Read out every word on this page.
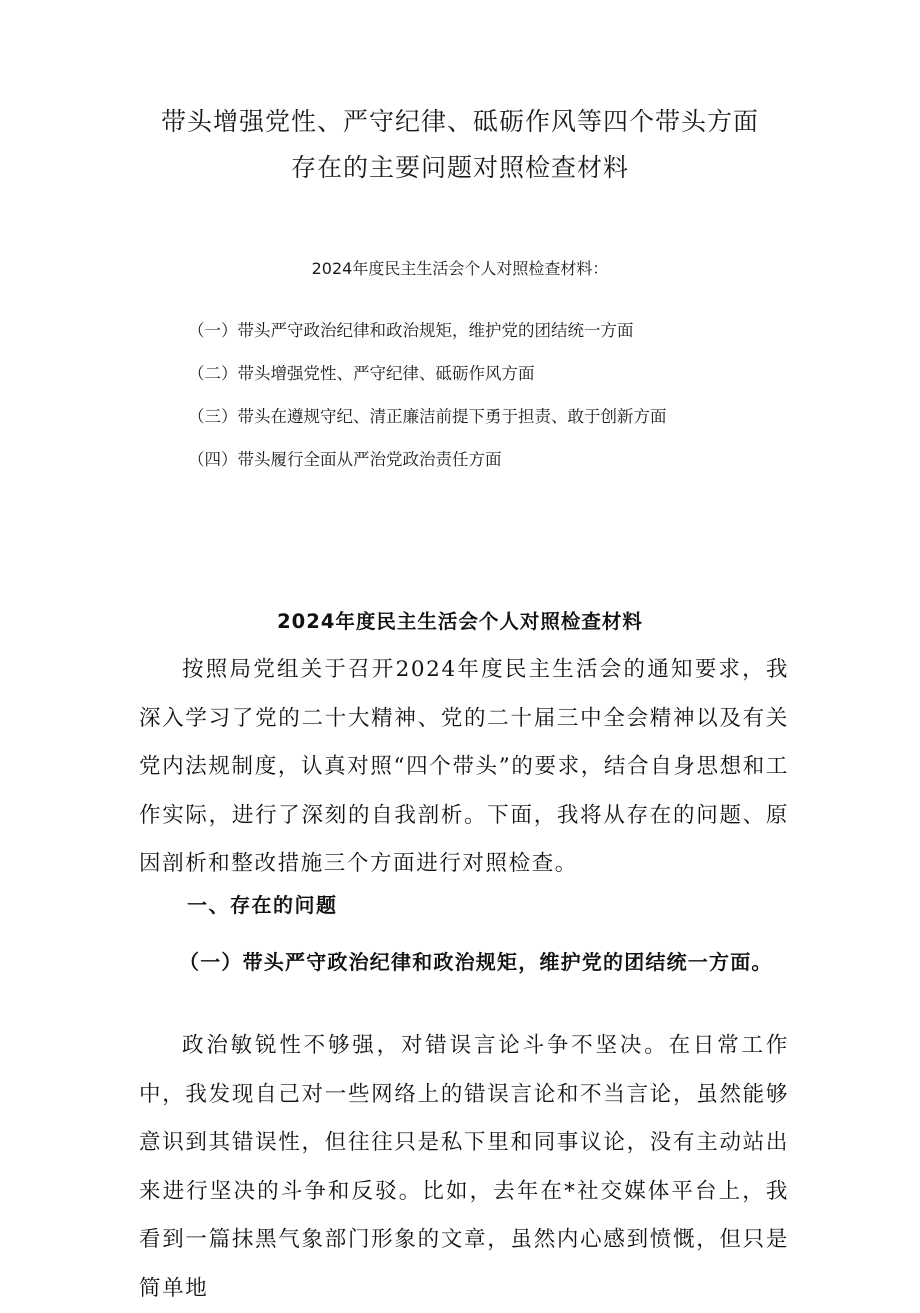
带头增强党性、严守纪律、砥砺作风等四个带头方面
存在的主要问题对照检查材料
2024年度民主生活会个人对照检查材料：
（一）带头严守政治纪律和政治规矩，维护党的团结统一方面
（二）带头增强党性、严守纪律、砥砺作风方面
（三）带头在遵规守纪、清正廉洁前提下勇于担责、敢于创新方面
（四）带头履行全面从严治党政治责任方面
2024年度民主生活会个人对照检查材料

按照局党组关于召开2024年度民主生活会的通知要求，我深入学习了党的二十大精神、党的二十届三中全会精神以及有关党内法规制度，认真对照“四个带头”的要求，结合自身思想和工作实际，进行了深刻的自我剖析。下面，我将从存在的问题、原因剖析和整改措施三个方面进行对照检查。

一、存在的问题
（一）带头严守政治纪律和政治规矩，维护党的团结统一方面。

政治敏锐性不够强，对错误言论斗争不坚决。在日常工作中，我发现自己对一些网络上的错误言论和不当言论，虽然能够意识到其错误性，但往往只是私下里和同事议论，没有主动站出来进行坚决的斗争和反驳。比如，去年在*社交媒体平台上，我看到一篇抹黑气象部门形象的文章，虽然内心感到愤慨，但只是简单地
